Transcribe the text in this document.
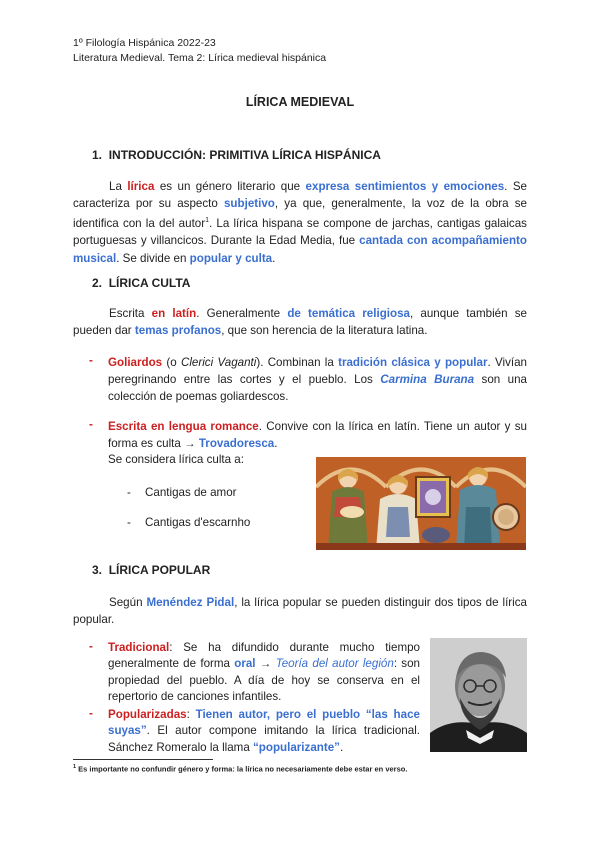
1º Filología Hispánica 2022-23
Literatura Medieval. Tema 2: Lírica medieval hispánica
LÍRICA MEDIEVAL
1. INTRODUCCIÓN: PRIMITIVA LÍRICA HISPÁNICA
La lírica es un género literario que expresa sentimientos y emociones. Se caracteriza por su aspecto subjetivo, ya que, generalmente, la voz de la obra se identifica con la del autor$^1$. La lírica hispana se compone de jarchas, cantigas galaicas portuguesas y villancicos. Durante la Edad Media, fue cantada con acompañamiento musical. Se divide en popular y culta.
2. LÍRICA CULTA
Escrita en latín. Generalmente de temática religiosa, aunque también se pueden dar temas profanos, que son herencia de la literatura latina.
- Goliardos (o Clerici Vaganti). Combinan la tradición clásica y popular. Vivían peregrinando entre las cortes y el pueblo. Los Carmina Burana son una colección de poemas goliardescos.
- Escrita en lengua romance. Convive con la lírica en latín. Tiene un autor y su forma es culta → Trovadoresca.
Se considera lírica culta a:
- Cantigas de amor
- Cantigas d'escarnho
3. LÍRICA POPULAR
Según Menéndez Pidal, la lírica popular se pueden distinguir dos tipos de lírica popular.
- Tradicional: Se ha difundido durante mucho tiempo generalmente de forma oral → Teoría del autor legión: son propiedad del pueblo. A día de hoy se conserva en el repertorio de canciones infantiles.
- Popularizadas: Tienen autor, pero el pueblo “las hace suyas”. El autor compone imitando la lírica tradicional. Sánchez Romeralo la llama “popularizante”.
$^1$ Es importante no confundir género y forma: la lírica no necesariamente debe estar en verso.
